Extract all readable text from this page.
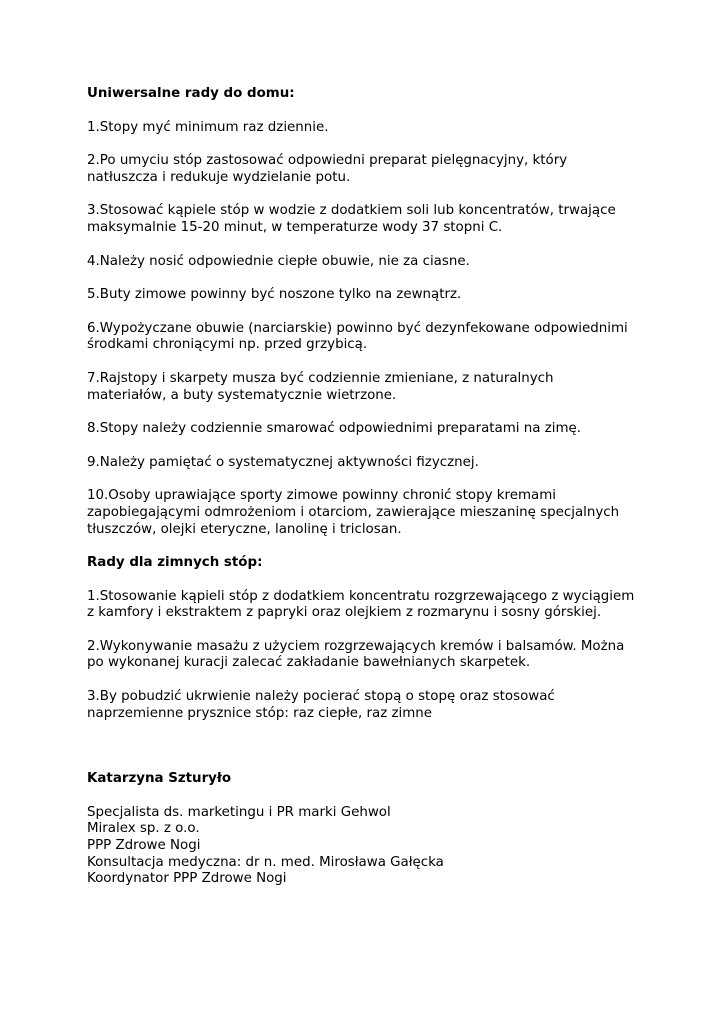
Uniwersalne rady do domu:

1.Stopy myć minimum raz dziennie.

2.Po umyciu stóp zastosować odpowiedni preparat pielęgnacyjny, który
natłuszcza i redukuje wydzielanie potu.

3.Stosować kąpiele stóp w wodzie z dodatkiem soli lub koncentratów, trwające
maksymalnie 15-20 minut, w temperaturze wody 37 stopni C.

4.Należy nosić odpowiednie ciepłe obuwie, nie za ciasne.

5.Buty zimowe powinny być noszone tylko na zewnątrz.

6.Wypożyczane obuwie (narciarskie) powinno być dezynfekowane odpowiednimi
środkami chroniącymi np. przed grzybicą.

7.Rajstopy i skarpety musza być codziennie zmieniane, z naturalnych
materiałów, a buty systematycznie wietrzone.

8.Stopy należy codziennie smarować odpowiednimi preparatami na zimę.

9.Należy pamiętać o systematycznej aktywności fizycznej.

10.Osoby uprawiające sporty zimowe powinny chronić stopy kremami
zapobiegającymi odmrożeniom i otarciom, zawierające mieszaninę specjalnych
tłuszczów, olejki eteryczne, lanolinę i triclosan.

Rady dla zimnych stóp:

1.Stosowanie kąpieli stóp z dodatkiem koncentratu rozgrzewającego z wyciągiem
z kamfory i ekstraktem z papryki oraz olejkiem z rozmarynu i sosny górskiej.

2.Wykonywanie masażu z użyciem rozgrzewających kremów i balsamów. Można
po wykonanej kuracji zalecać zakładanie bawełnianych skarpetek.

3.By pobudzić ukrwienie należy pocierać stopą o stopę oraz stosować
naprzemienne prysznice stóp: raz ciepłe, raz zimne

Katarzyna Szturyło

Specjalista ds. marketingu i PR marki Gehwol
Miralex sp. z o.o.
PPP Zdrowe Nogi
Konsultacja medyczna: dr n. med. Mirosława Gałęcka
Koordynator PPP Zdrowe Nogi
